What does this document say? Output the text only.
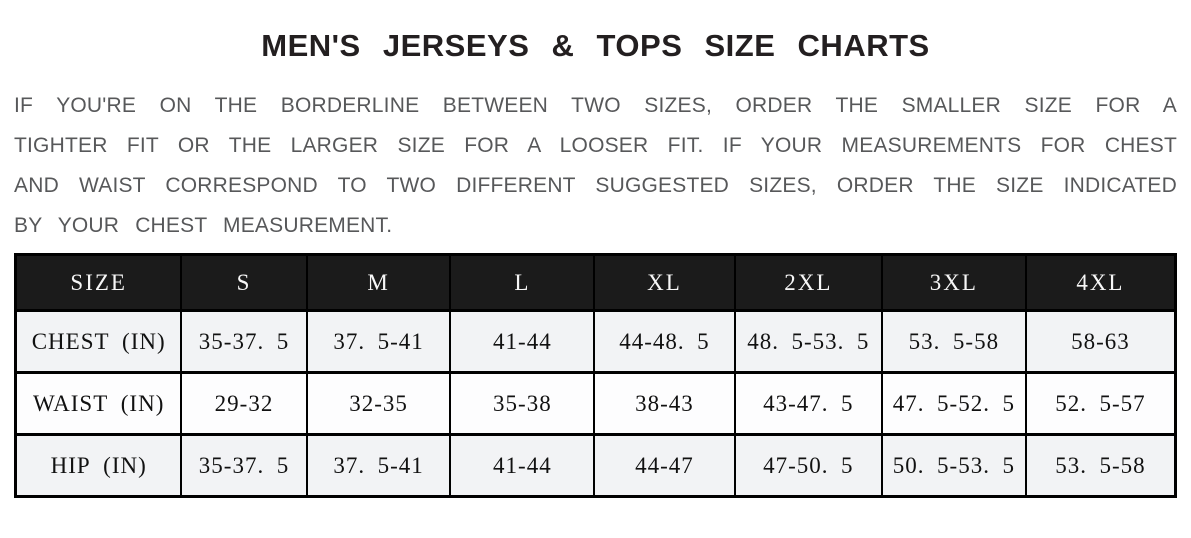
MEN'S JERSEYS & TOPS SIZE CHARTS
IF YOU'RE ON THE BORDERLINE BETWEEN TWO SIZES, ORDER THE SMALLER SIZE FOR A
TIGHTER FIT OR THE LARGER SIZE FOR A LOOSER FIT. IF YOUR MEASUREMENTS FOR CHEST
AND WAIST CORRESPOND TO TWO DIFFERENT SUGGESTED SIZES, ORDER THE SIZE INDICATED
BY YOUR CHEST MEASUREMENT.
SIZE	S	M	L	XL	2XL	3XL	4XL
CHEST (IN)	35-37. 5	37. 5-41	41-44	44-48. 5	48. 5-53. 5	53. 5-58	58-63
WAIST (IN)	29-32	32-35	35-38	38-43	43-47. 5	47. 5-52. 5	52. 5-57
HIP (IN)	35-37. 5	37. 5-41	41-44	44-47	47-50. 5	50. 5-53. 5	53. 5-58
